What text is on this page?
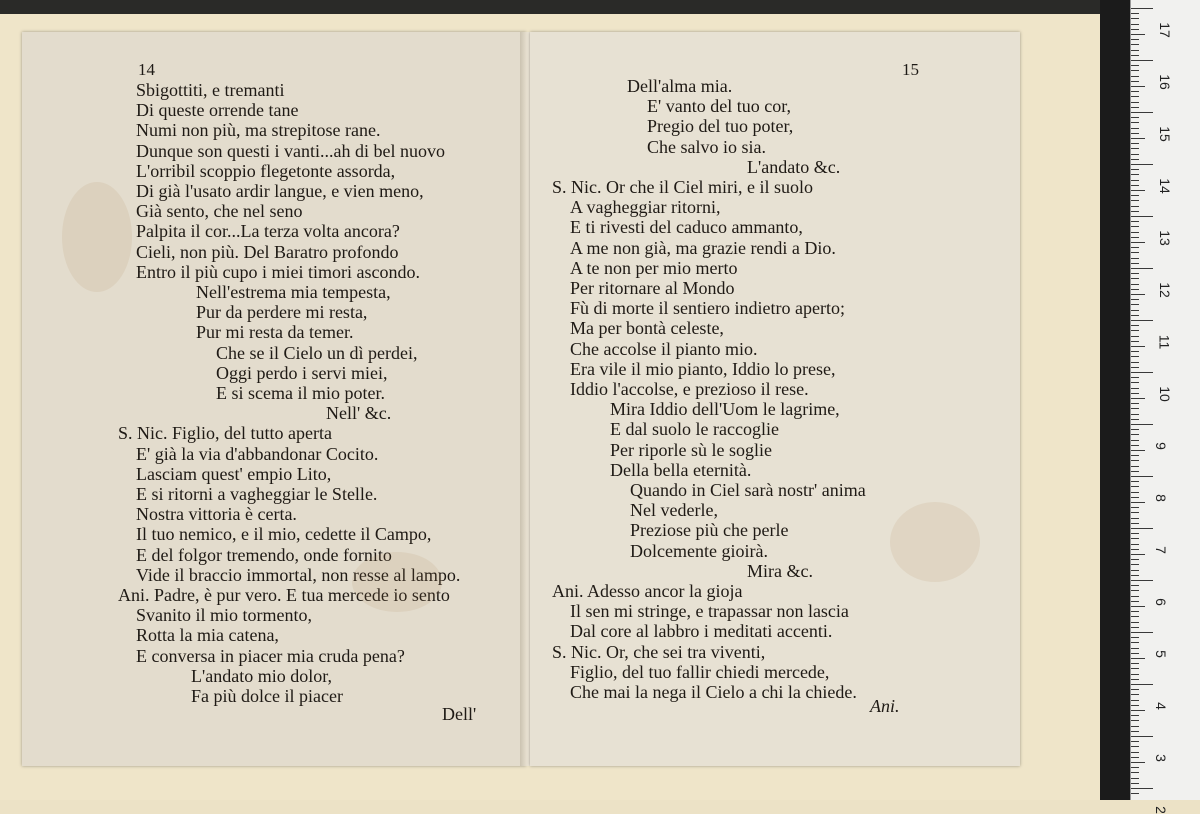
14
Sbigottiti, e tremanti
Di queste orrende tane
Numi non più, ma strepitose rane.
Dunque son questi i vanti...ah di bel nuovo
L'orribil scoppio flegetonte assorda,
Di già l'usato ardir langue, e vien meno,
Già sento, che nel seno
Palpita il cor...La terza volta ancora?
Cieli, non più. Del Baratro profondo
Entro il più cupo i miei timori ascondo.
Nell'estrema mia tempesta,
Pur da perdere mi resta,
Pur mi resta da temer.
Che se il Cielo un dì perdei,
Oggi perdo i servi miei,
E si scema il mio poter.
Nell' &c.
S. Nic. Figlio, del tutto aperta
E' già la via d'abbandonar Cocito.
Lasciam quest' empio Lito,
E si ritorni a vagheggiar le Stelle.
Nostra vittoria è certa.
Il tuo nemico, e il mio, cedette il Campo,
E del folgor tremendo, onde fornito
Vide il braccio immortal, non resse al lampo.
Ani. Padre, è pur vero. E tua mercede io sento
Svanito il mio tormento,
Rotta la mia catena,
E conversa in piacer mia cruda pena?
L'andato mio dolor,
Fa più dolce il piacer
Dell'
15
Dell'alma mia.
E' vanto del tuo cor,
Pregio del tuo poter,
Che salvo io sia.
L'andato &c.
S. Nic. Or che il Ciel miri, e il suolo
A vagheggiar ritorni,
E ti rivesti del caduco ammanto,
A me non già, ma grazie rendi a Dio.
A te non per mio merto
Per ritornare al Mondo
Fù di morte il sentiero indietro aperto;
Ma per bontà celeste,
Che accolse il pianto mio.
Era vile il mio pianto, Iddio lo prese,
Iddio l'accolse, e prezioso il rese.
Mira Iddio dell'Uom le lagrime,
E dal suolo le raccoglie
Per riporle sù le soglie
Della bella eternità.
Quando in Ciel sarà nostr' anima
Nel vederle,
Preziose più che perle
Dolcemente gioirà.
Mira &c.
Ani. Adesso ancor la gioja
Il sen mi stringe, e trapassar non lascia
Dal core al labbro i meditati accenti.
S. Nic. Or, che sei tra viventi,
Figlio, del tuo fallir chiedi mercede,
Che mai la nega il Cielo a chi la chiede.
Ani.
17
16
15
14
13
12
11
10
9
8
7
6
5
4
3
2
